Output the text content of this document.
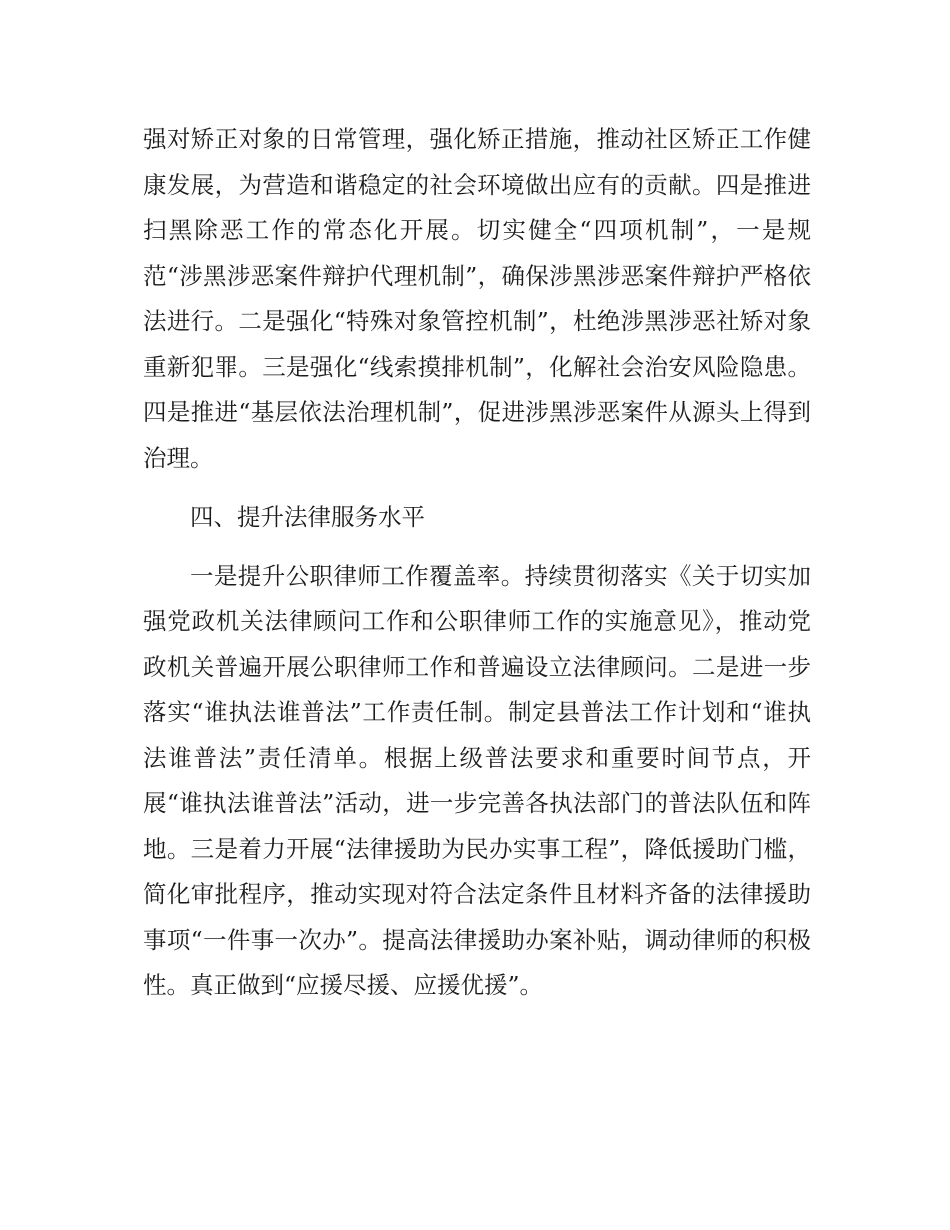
强对矫正对象的日常管理，强化矫正措施，推动社区矫正工作健康发展，为营造和谐稳定的社会环境做出应有的贡献。四是推进扫黑除恶工作的常态化开展。切实健全“四项机制”，一是规范“涉黑涉恶案件辩护代理机制”，确保涉黑涉恶案件辩护严格依法进行。二是强化“特殊对象管控机制”，杜绝涉黑涉恶社矫对象重新犯罪。三是强化“线索摸排机制”，化解社会治安风险隐患。四是推进“基层依法治理机制”，促进涉黑涉恶案件从源头上得到治理。

四、提升法律服务水平

一是提升公职律师工作覆盖率。持续贯彻落实《关于切实加强党政机关法律顾问工作和公职律师工作的实施意见》，推动党政机关普遍开展公职律师工作和普遍设立法律顾问。二是进一步落实“谁执法谁普法”工作责任制。制定县普法工作计划和“谁执法谁普法”责任清单。根据上级普法要求和重要时间节点，开展“谁执法谁普法”活动，进一步完善各执法部门的普法队伍和阵地。三是着力开展“法律援助为民办实事工程”，降低援助门槛，简化审批程序，推动实现对符合法定条件且材料齐备的法律援助事项“一件事一次办”。提高法律援助办案补贴，调动律师的积极性。真正做到“应援尽援、应援优援”。
